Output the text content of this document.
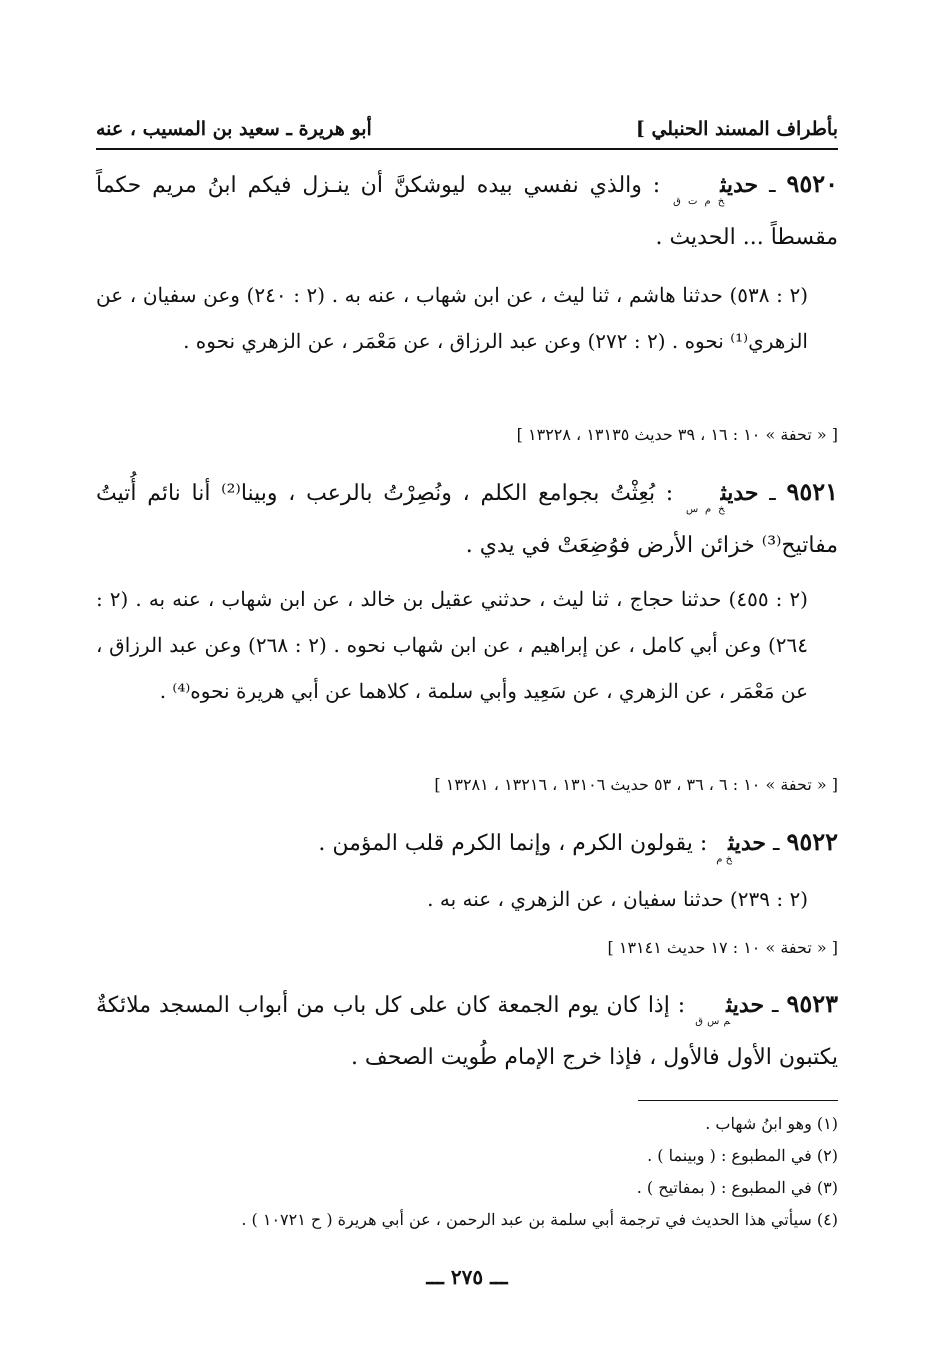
بأطراف المسند الحنبلي ]
أبو هريرة ـ سعيد بن المسيب ، عنه
٩٥٢٠ ـ حديث$_{خ م ت ق}$ : والذي نفسي بيده ليوشكنَّ أن ينـزل فيكم ابنُ مريم حكماً مقسطاً ... الحديث .
(٢ : ٥٣٨) حدثنا هاشم ، ثنا ليث ، عن ابن شهاب ، عنه به . (٢ : ٢٤٠) وعن سفيان ، عن الزهري⁽¹⁾ نحوه . (٢ : ٢٧٢) وعن عبد الرزاق ، عن مَعْمَر ، عن الزهري نحوه .
[ « تحفة » ١٠ : ١٦ ، ٣٩ حديث ١٣١٣٥ ، ١٣٢٢٨ ]
٩٥٢١ ـ حديث$_{خ م س}$ : بُعِثْتُ بجوامع الكلم ، ونُصِرْتُ بالرعب ، وبينا⁽²⁾ أنا نائم أُتيتُ مفاتيح⁽³⁾ خزائن الأرض فوُضِعَتْ في يدي .
(٢ : ٤٥٥) حدثنا حجاج ، ثنا ليث ، حدثني عقيل بن خالد ، عن ابن شهاب ، عنه به . (٢ : ٢٦٤) وعن أبي كامل ، عن إبراهيم ، عن ابن شهاب نحوه . (٢ : ٢٦٨) وعن عبد الرزاق ، عن مَعْمَر ، عن الزهري ، عن سَعِيد وأبي سلمة ، كلاهما عن أبي هريرة نحوه⁽⁴⁾ .
[ « تحفة » ١٠ : ٦ ، ٣٦ ، ٥٣ حديث ١٣١٠٦ ، ١٣٢١٦ ، ١٣٢٨١ ]
٩٥٢٢ ـ حديث$_{خ م}$ : يقولون الكرم ، وإنما الكرم قلب المؤمن .
(٢ : ٢٣٩) حدثنا سفيان ، عن الزهري ، عنه به .
[ « تحفة » ١٠ : ١٧ حديث ١٣١٤١ ]
٩٥٢٣ ـ حديث$_{م س ق}$ : إذا كان يوم الجمعة كان على كل باب من أبواب المسجد ملائكةٌ يكتبون الأول فالأول ، فإذا خرج الإمام طُويت الصحف .
(١) وهو ابنُ شهاب .
(٢) في المطبوع : ( وبينما ) .
(٣) في المطبوع : ( بمفاتيح ) .
(٤) سيأتي هذا الحديث في ترجمة أبي سلمة بن عبد الرحمن ، عن أبي هريرة ( ح ١٠٧٢١ ) .
ـــ ٢٧٥ ـــ
